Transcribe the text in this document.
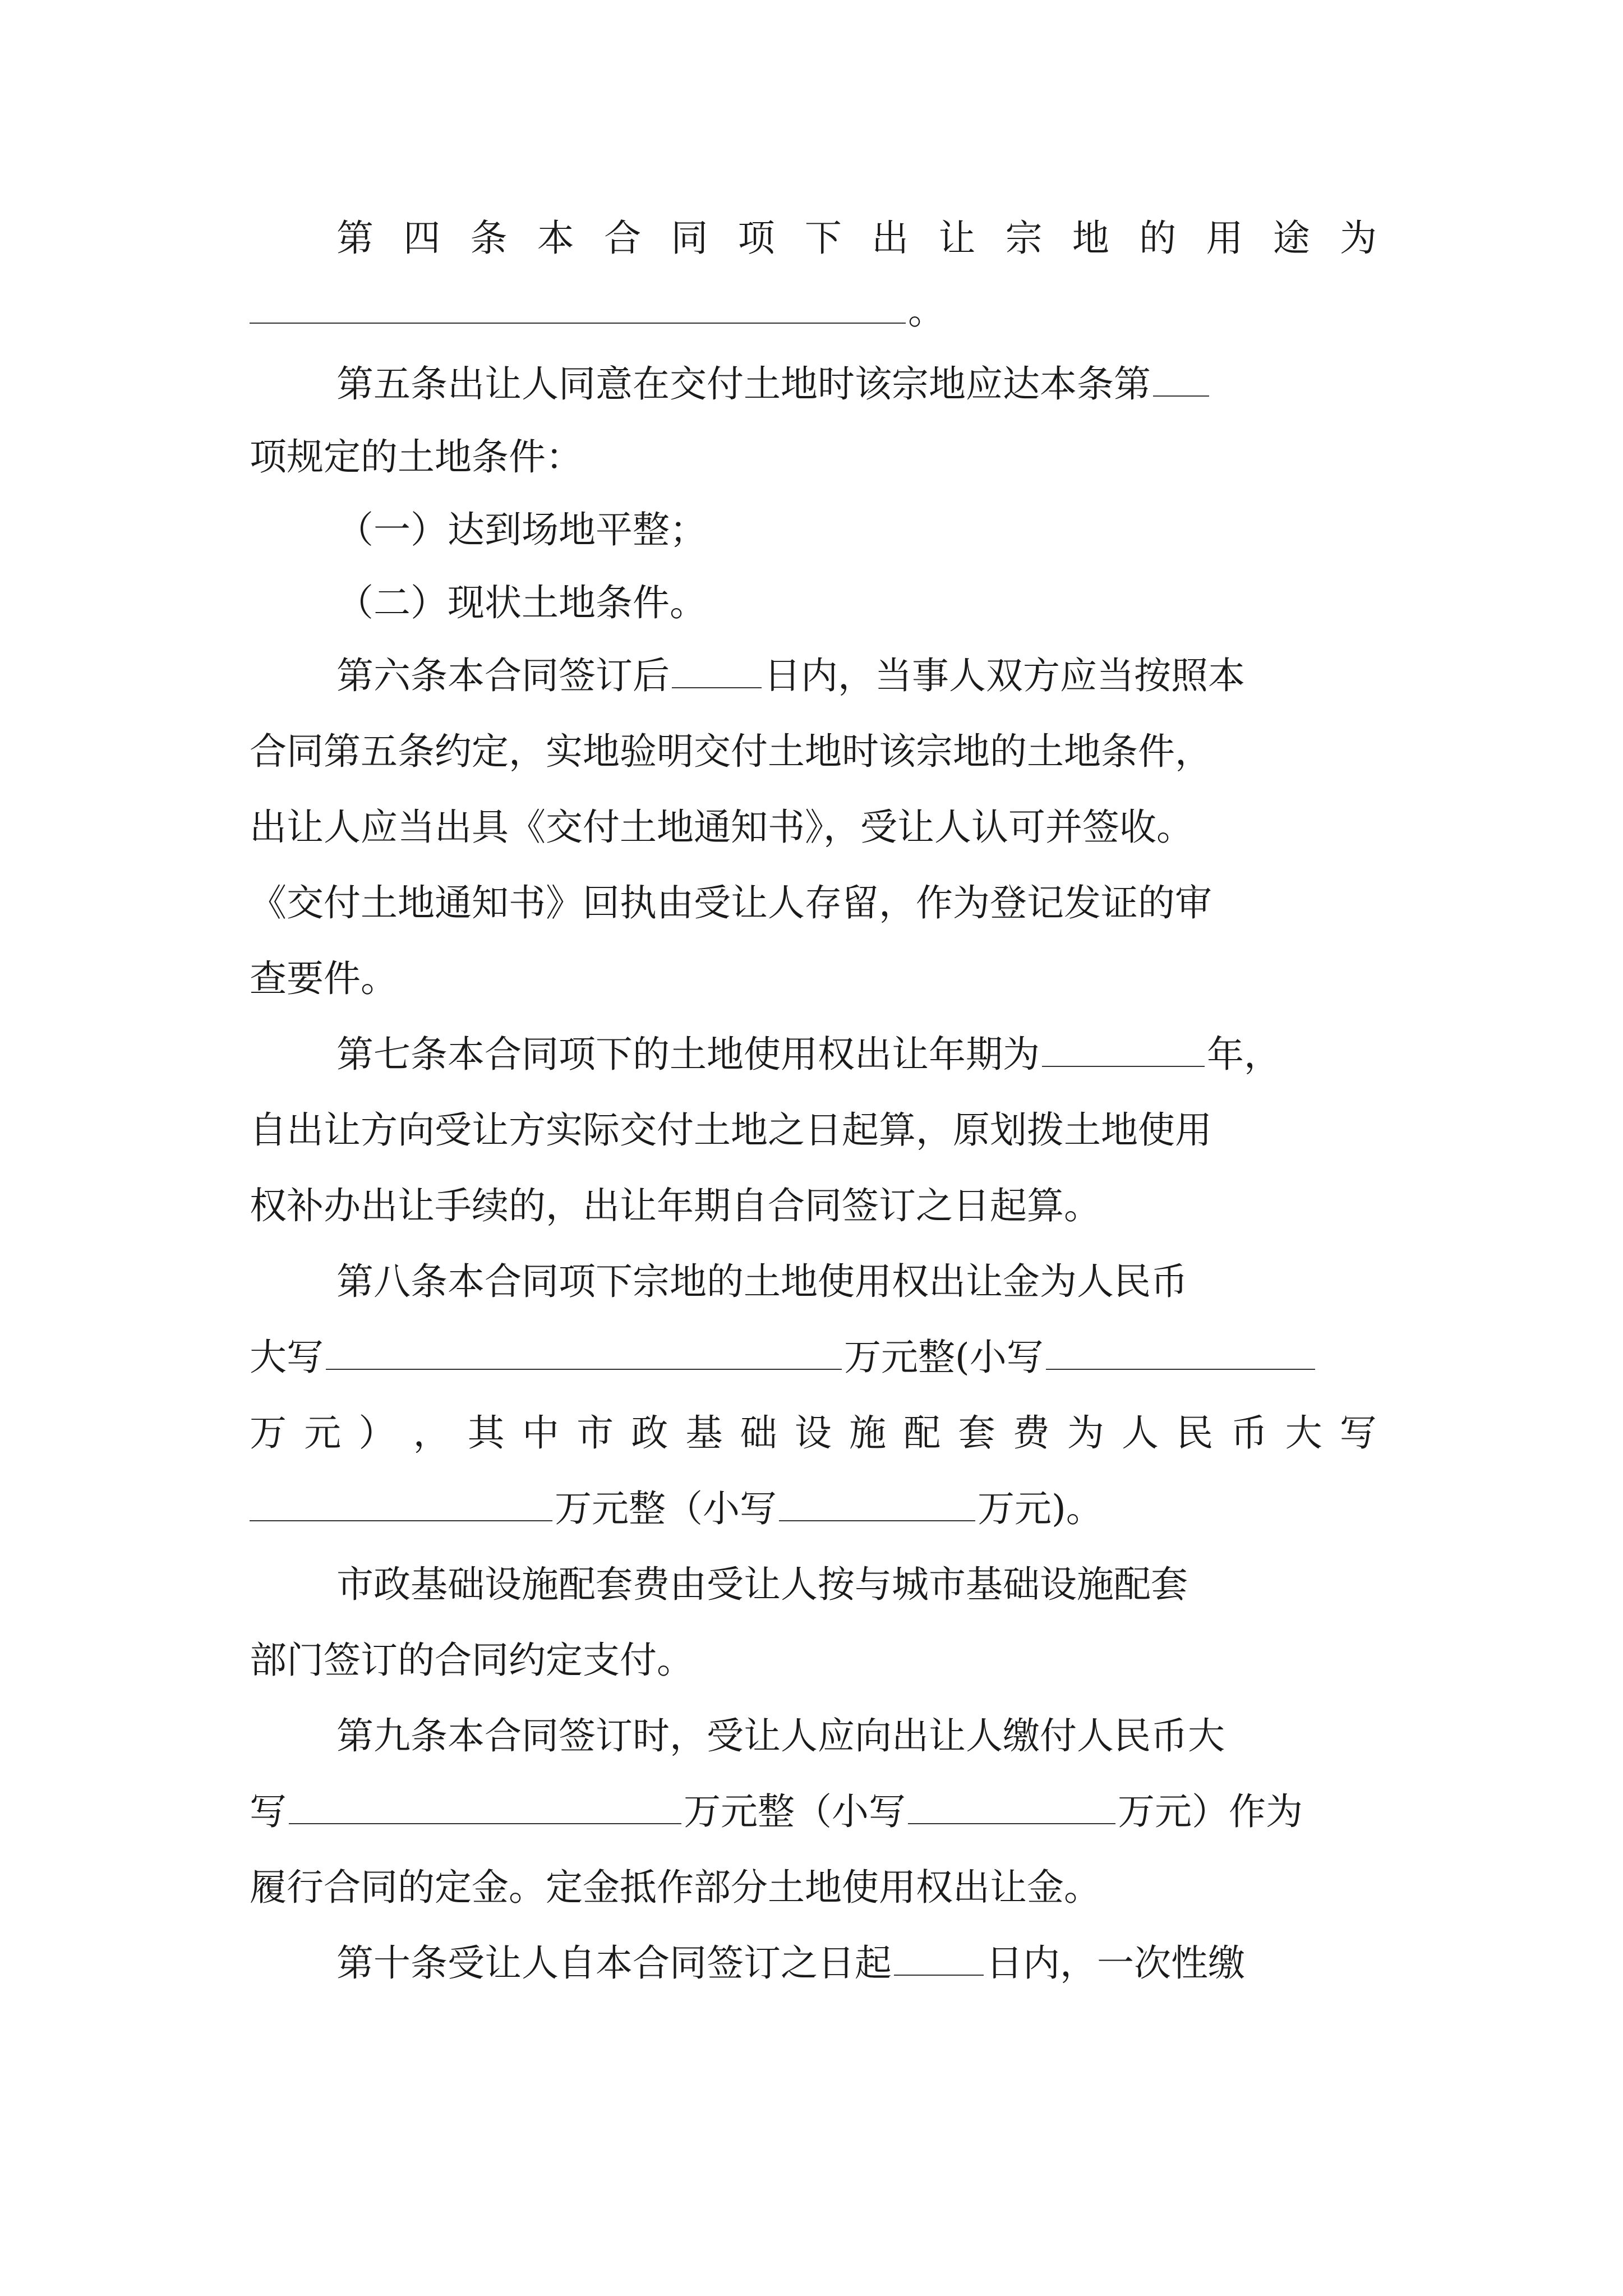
第 四 条 本 合 同 项 下 出 让 宗 地 的 用 途 为
。
第五条出让人同意在交付土地时该宗地应达本条第
项规定的土地条件：
（一）达到场地平整；
（二）现状土地条件。
第六条本合同签订后	日内，当事人双方应当按照本
合同第五条约定，实地验明交付土地时该宗地的土地条件，
出让人应当出具《交付土地通知书》，受让人认可并签收。
《交付土地通知书》回执由受让人存留，作为登记发证的审
查要件。
第七条本合同项下的土地使用权出让年期为	年，
自出让方向受让方实际交付土地之日起算，原划拨土地使用
权补办出让手续的，出让年期自合同签订之日起算。
第八条本合同项下宗地的土地使用权出让金为人民币
大写	万元整(小写
万 元 ） ， 其 中 市 政 基 础 设 施 配 套 费 为 人 民 币 大 写
万元整（小写	万元)。
市政基础设施配套费由受让人按与城市基础设施配套
部门签订的合同约定支付。
第九条本合同签订时，受让人应向出让人缴付人民币大
写	万元整（小写	万元）作为
履行合同的定金。定金抵作部分土地使用权出让金。
第十条受让人自本合同签订之日起	日内，一次性缴
